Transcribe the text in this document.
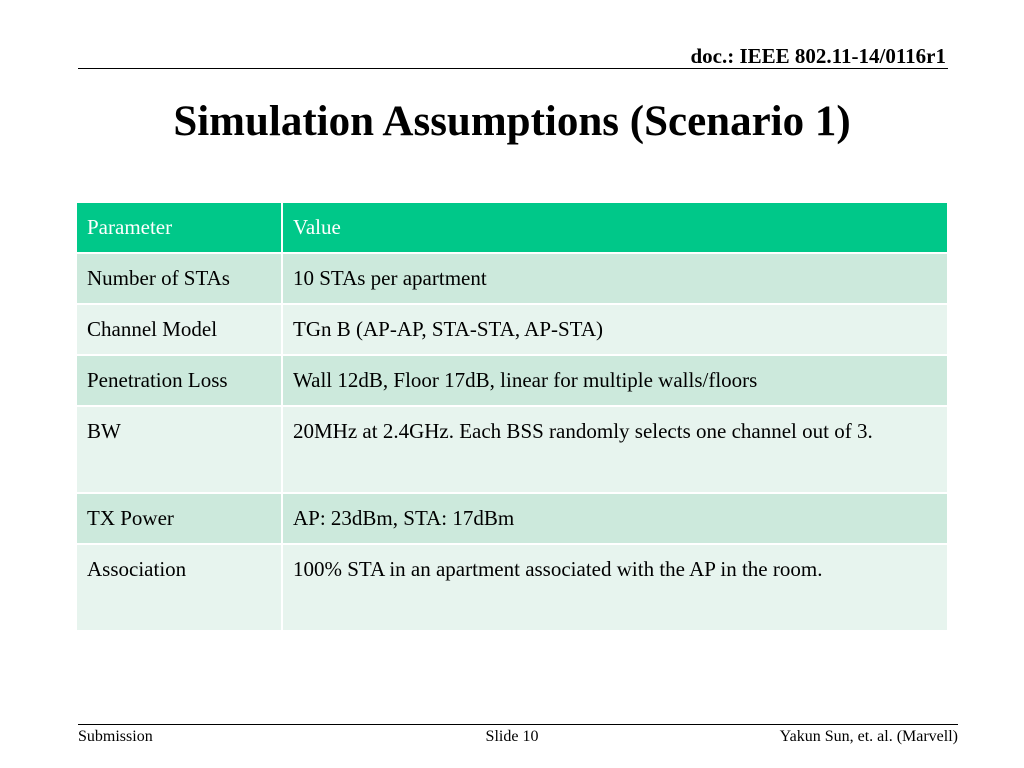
doc.: IEEE 802.11-14/0116r1
Simulation Assumptions (Scenario 1)
Parameter	Value
Number of STAs	10 STAs per apartment
Channel Model	TGn B (AP-AP, STA-STA, AP-STA)
Penetration Loss	Wall 12dB, Floor 17dB, linear for multiple walls/floors
BW	20MHz at 2.4GHz. Each BSS randomly selects one channel out of 3.
TX Power	AP: 23dBm, STA: 17dBm
Association	100% STA in an apartment associated with the AP in the room.
Submission	Slide 10	Yakun Sun, et. al. (Marvell)
